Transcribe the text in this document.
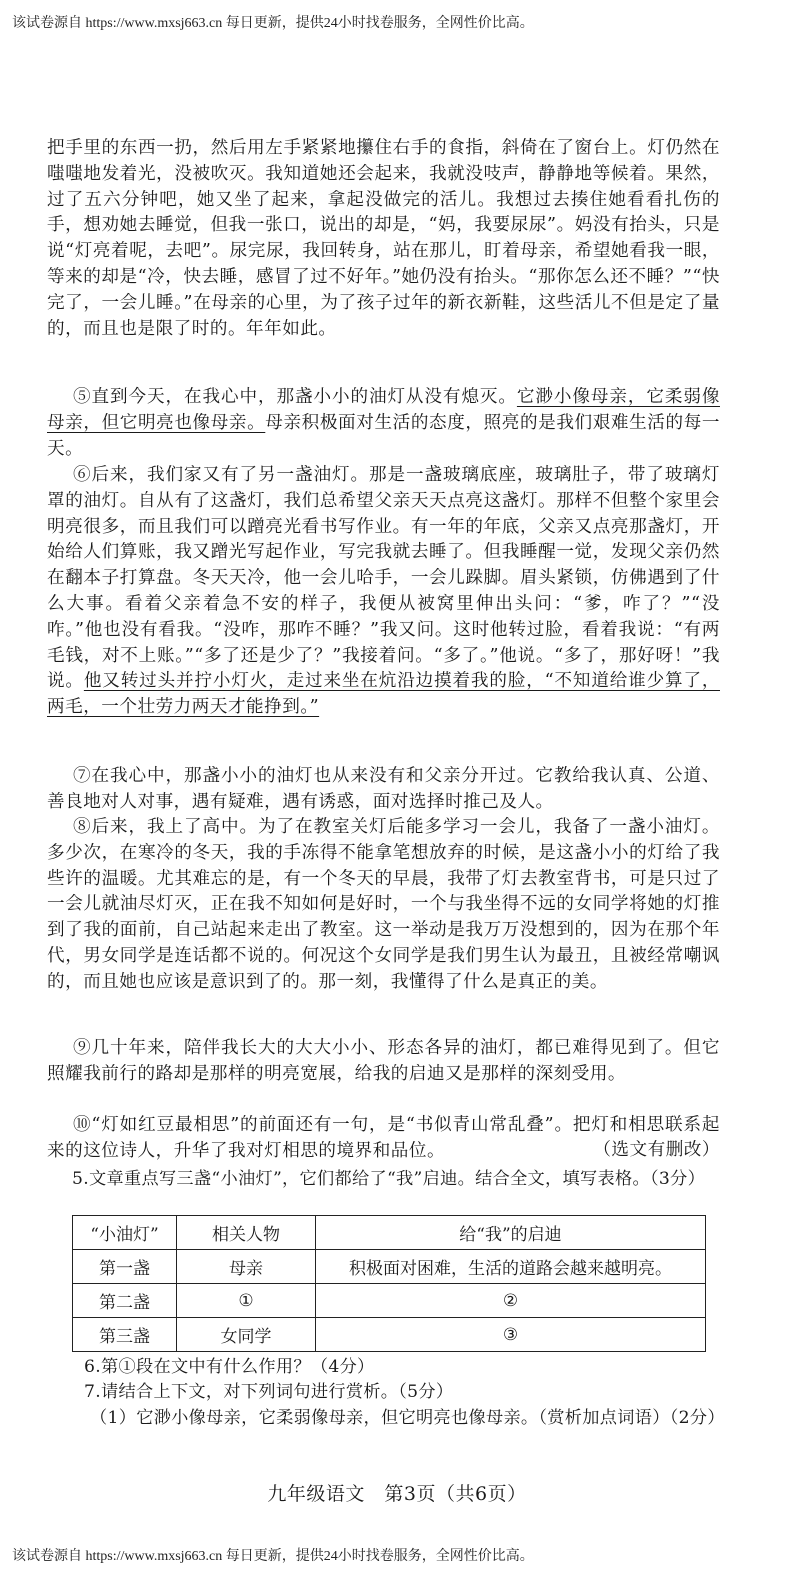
该试卷源自 https://www.mxsj663.cn 每日更新，提供24小时找卷服务，全网性价比高。
把手里的东西一扔，然后用左手紧紧地攥住右手的食指，斜倚在了窗台上。灯仍然在嗤嗤地发着光，没被吹灭。我知道她还会起来，我就没吱声，静静地等候着。果然，过了五六分钟吧，她又坐了起来，拿起没做完的活儿。我想过去揍住她看看扎伤的手，想劝她去睡觉，但我一张口，说出的却是，“妈，我要尿尿”。妈没有抬头，只是说“灯亮着呢，去吧”。尿完尿，我回转身，站在那儿，盯着母亲，希望她看我一眼，等来的却是“冷，快去睡，感冒了过不好年。”她仍没有抬头。“那你怎么还不睡？”“快完了，一会儿睡。”在母亲的心里，为了孩子过年的新衣新鞋，这些活儿不但是定了量的，而且也是限了时的。年年如此。
⑤直到今天，在我心中，那盏小小的油灯从没有熄灭。它渺小像母亲，它柔弱像母亲，但它明亮也像母亲。母亲积极面对生活的态度，照亮的是我们艰难生活的每一天。
⑥后来，我们家又有了另一盏油灯。那是一盏玻璃底座，玻璃肚子，带了玻璃灯罩的油灯。自从有了这盏灯，我们总希望父亲天天点亮这盏灯。那样不但整个家里会明亮很多，而且我们可以蹭亮光看书写作业。有一年的年底，父亲又点亮那盏灯，开始给人们算账，我又蹭光写起作业，写完我就去睡了。但我睡醒一觉，发现父亲仍然在翻本子打算盘。冬天天冷，他一会儿哈手，一会儿跺脚。眉头紧锁，仿佛遇到了什么大事。看着父亲着急不安的样子，我便从被窝里伸出头问：“爹，咋了？”“没咋。”他也没有看我。“没咋，那咋不睡？”我又问。这时他转过脸，看着我说：“有两毛钱，对不上账。”“多了还是少了？”我接着问。“多了。”他说。“多了，那好呀！”我说。他又转过头并拧小灯火，走过来坐在炕沿边摸着我的脸，“不知道给谁少算了，两毛，一个壮劳力两天才能挣到。”
⑦在我心中，那盏小小的油灯也从来没有和父亲分开过。它教给我认真、公道、善良地对人对事，遇有疑难，遇有诱惑，面对选择时推己及人。
⑧后来，我上了高中。为了在教室关灯后能多学习一会儿，我备了一盏小油灯。多少次，在寒冷的冬天，我的手冻得不能拿笔想放弃的时候，是这盏小小的灯给了我些许的温暖。尤其难忘的是，有一个冬天的早晨，我带了灯去教室背书，可是只过了一会儿就油尽灯灭，正在我不知如何是好时，一个与我坐得不远的女同学将她的灯推到了我的面前，自己站起来走出了教室。这一举动是我万万没想到的，因为在那个年代，男女同学是连话都不说的。何况这个女同学是我们男生认为最丑，且被经常嘲讽的，而且她也应该是意识到了的。那一刻，我懂得了什么是真正的美。
⑨几十年来，陪伴我长大的大大小小、形态各异的油灯，都已难得见到了。但它照耀我前行的路却是那样的明亮宽展，给我的启迪又是那样的深刻受用。
⑩“灯如红豆最相思”的前面还有一句，是“书似青山常乱叠”。把灯和相思联系起来的这位诗人，升华了我对灯相思的境界和品位。	（选文有删改）
5.文章重点写三盏“小油灯”，它们都给了“我”启迪。结合全文，填写表格。（3分）
“小油灯”	相关人物	给“我”的启迪
第一盏	母亲	积极面对困难，生活的道路会越来越明亮。
第二盏	①	②
第三盏	女同学	③
6.第①段在文中有什么作用？（4分）
7.请结合上下文，对下列词句进行赏析。（5分）
（1）它渺小像母亲，它柔弱像母亲，但它明亮也像母亲。（赏析加点词语）（2分）
九年级语文　第3页（共6页）
该试卷源自 https://www.mxsj663.cn 每日更新，提供24小时找卷服务，全网性价比高。
